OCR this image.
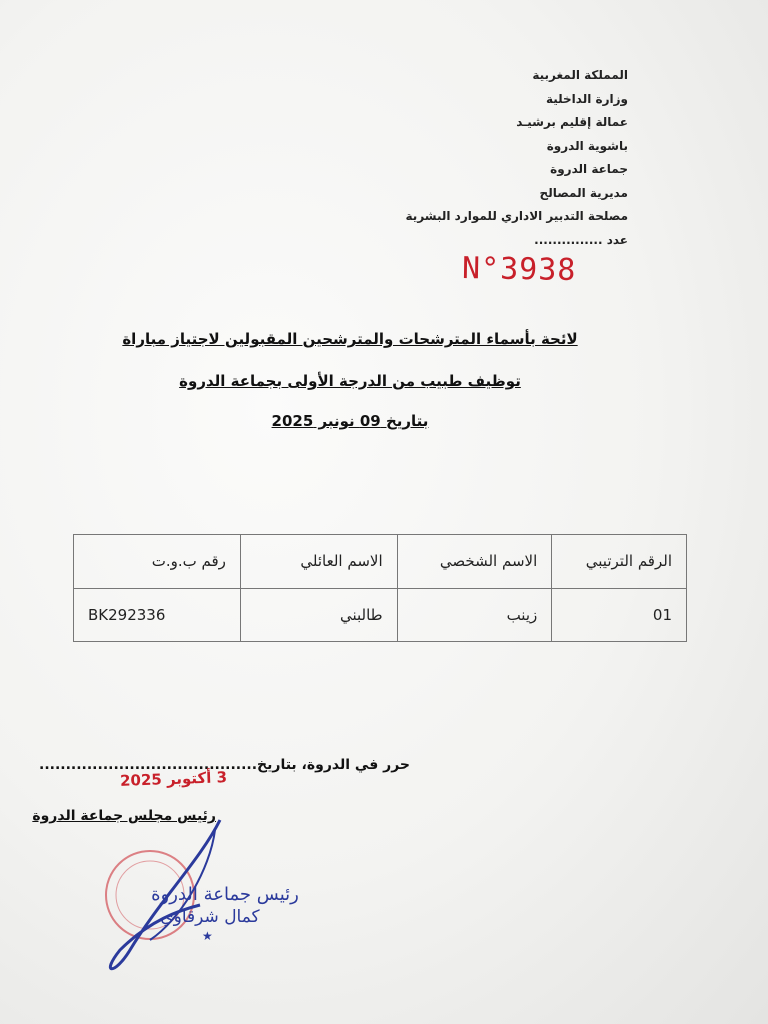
المملكة المغربية
وزارة الداخلية
عمالة إقليم برشيـد
باشوية الدروة
جماعة الدروة
مديرية المصالح
مصلحة التدبير الاداري للموارد البشرية
عدد ...............
N°3938
لائحة بأسماء المترشحات والمترشحين المقبولين لاجتياز مباراة
توظيف طبيب من الدرجة الأولى بجماعة الدروة
بتاريخ 09 نونبر 2025
الرقم الترتيبي	الاسم الشخصي	الاسم العائلي	رقم ب.و.ت
01	زينب	طالبني	BK292336
حرر في الدروة، بتاريخ.........................................
3 أكتوبر 2025
رئيس مجلس جماعة الدروة
رئيس جماعة الدروة
كمال شرقاوي
★
